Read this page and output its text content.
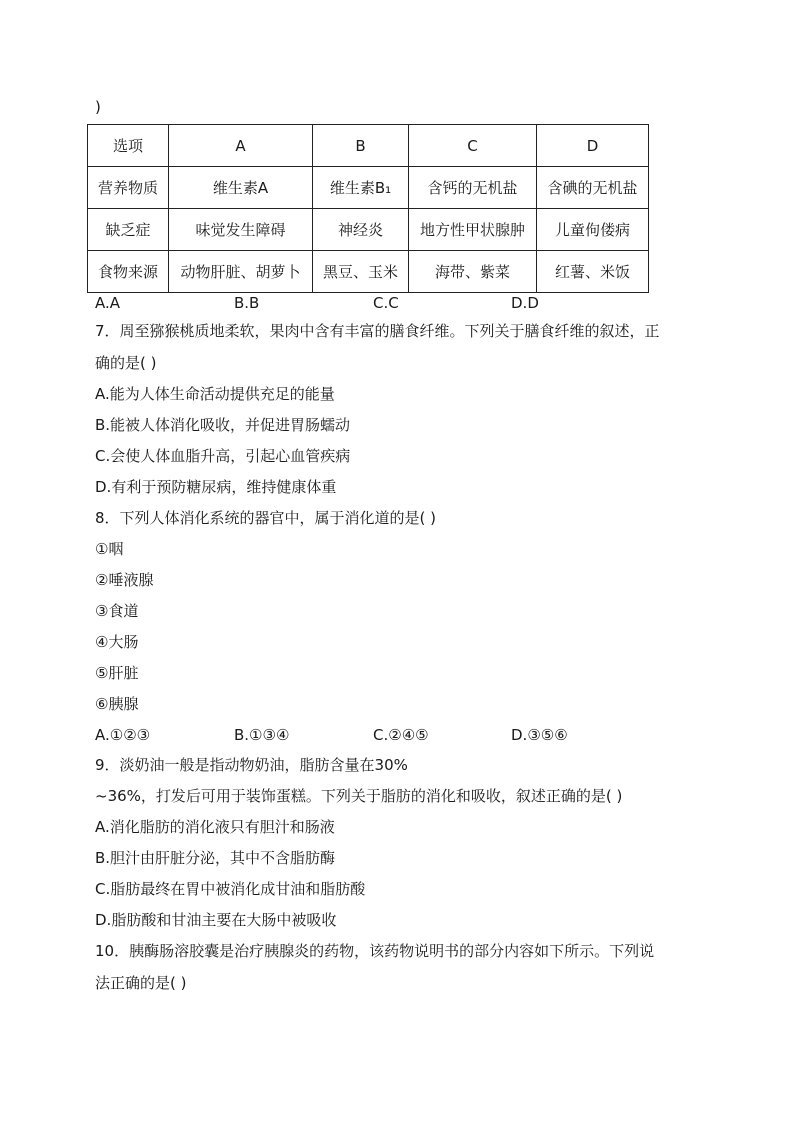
)
选项	A	B	C	D
营养物质	维生素A	维生素B₁	含钙的无机盐	含碘的无机盐
缺乏症	味觉发生障碍	神经炎	地方性甲状腺肿	儿童佝偻病
食物来源	动物肝脏、胡萝卜	黑豆、玉米	海带、紫菜	红薯、米饭
A.A	B.B	C.C	D.D
7．周至猕猴桃质地柔软，果肉中含有丰富的膳食纤维。下列关于膳食纤维的叙述，正
确的是( )
A.能为人体生命活动提供充足的能量
B.能被人体消化吸收，并促进胃肠蠕动
C.会使人体血脂升高，引起心血管疾病
D.有利于预防糖尿病，维持健康体重
8．下列人体消化系统的器官中，属于消化道的是( )
①咽
②唾液腺
③食道
④大肠
⑤肝脏
⑥胰腺
A.①②③	B.①③④	C.②④⑤	D.③⑤⑥
9．淡奶油一般是指动物奶油，脂肪含量在30%
~36%，打发后可用于装饰蛋糕。下列关于脂肪的消化和吸收，叙述正确的是( )
A.消化脂肪的消化液只有胆汁和肠液
B.胆汁由肝脏分泌，其中不含脂肪酶
C.脂肪最终在胃中被消化成甘油和脂肪酸
D.脂肪酸和甘油主要在大肠中被吸收
10．胰酶肠溶胶囊是治疗胰腺炎的药物，该药物说明书的部分内容如下所示。下列说
法正确的是( )
